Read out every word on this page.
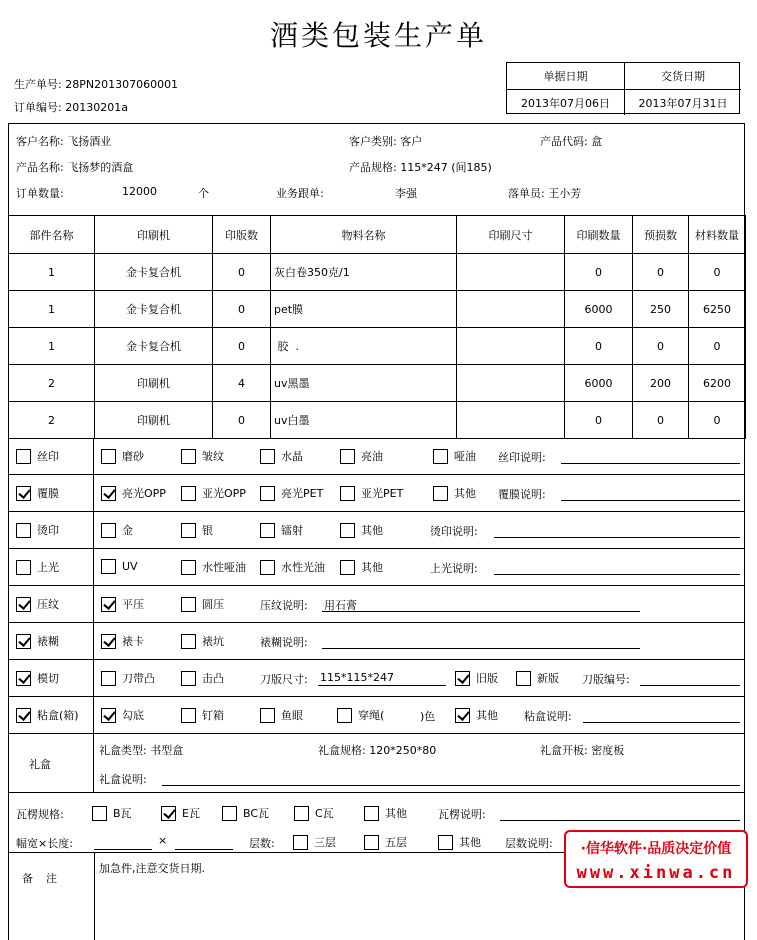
酒类包装生产单
生产单号: 28PN201307060001
订单编号: 20130201a
单据日期	交货日期
2013年07月06日	2013年07月31日
客户名称: 飞扬酒业	客户类别: 客户	产品代码: 盒
产品名称: 飞扬梦的酒盒	产品规格: 115*247 (间185)
订单数量:	12000	个	业务跟单:	李强	落单员: 王小芳
部件名称	印刷机	印版数	物料名称	印刷尺寸	印刷数量	预损数	材料数量
1	金卡复合机	0	灰白卷350克/1		0	0	0
1	金卡复合机	0	pet膜		6000	250	6250
1	金卡复合机	0	胶  .		0	0	0
2	印刷机	4	uv黑墨		6000	200	6200
2	印刷机	0	uv白墨		0	0	0
丝印	磨砂	皱纹	水晶	亮油	哑油 丝印说明:
覆膜	亮光OPP	亚光OPP	亮光PET	亚光PET	其他 覆膜说明:
烫印	金	银	镭射	其他	烫印说明:
上光	UV	水性哑油	水性光油	其他	上光说明:
压纹	平压	圆压	压纹说明: 用石膏
裱糊	裱卡	裱坑	裱糊说明:
模切	刀带凸	击凸	刀版尺寸: 115*115*247	旧版	新版 刀版编号:
粘盒(箱)	勾底	钉箱	鱼眼	穿绳(	)色	其他 粘盒说明:
礼盒
礼盒类型: 书型盒	礼盒规格: 120*250*80	礼盒开板: 密度板
礼盒说明:
瓦楞规格:	B瓦	E瓦	BC瓦	C瓦	其他	瓦楞说明:
幅宽×长度:	×	层数:	三层	五层	其他 层数说明:
备  注
加急件,注意交货日期.
·信华软件·品质决定价值
www.xinwa.cn
